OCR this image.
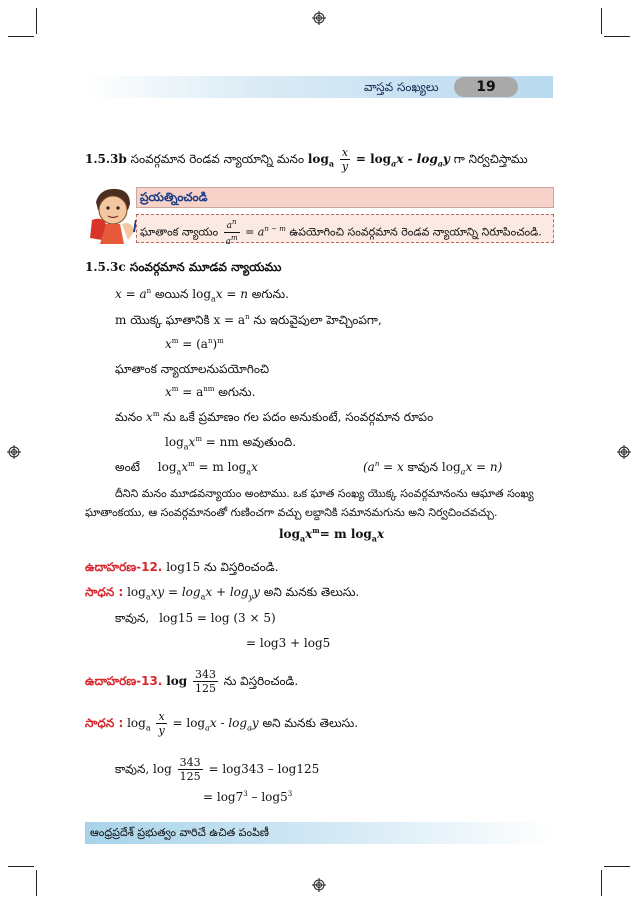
వాస్తవ సంఖ్యలు	19
1.5.3b సంవర్గమాన రెండవ న్యాయాన్ని మనం $\log_a \frac{x}{y} = \log_ax - \log_ay$ గా నిర్వచిస్తాము
ప్రయత్నించండి
ఘాతాంక న్యాయం $\frac{a^n}{a^m} = a^{n - m}$ ఉపయోగించి సంవర్గమాన రెండవ న్యాయాన్ని నిరూపించండి.
1.5.3c సంవర్గమాన మూడవ న్యాయము
$x = a^n$ అయిన $\log_ax = n$ అగును.
m యొక్క ఘాతానికి $x = a^n$ ను ఇరువైపులా హెచ్చింపగా,
$x^m = (a^n)^m$
ఘాతాంక న్యాయాలనుపయోగించి
$x^m = a^{nm}$ అగును.
మనం $x^m$ ను ఒకే ప్రమాణం గల పదం అనుకుంటే, సంవర్గమాన రూపం
$\log_ax^m$ = nm అవుతుంది.
అంటే $\log_ax^m = m$ $\log_ax$	($a^n = x$ కావున $\log_ax = n$)
దీనిని మనం మూడవన్యాయం అంటాము. ఒక ఘాత సంఖ్య యొక్క సంవర్గమానంను ఆఘాత సంఖ్య
ఘాతాంకయు, ఆ సంవర్గమానంతో గుణించగా వచ్చు లబ్దానికి సమానమగును అని నిర్వచించవచ్చు.
$\log_ax^m= m$ $\log_ax$
ఉదాహరణ-12. log15 ను విస్తరించండి.
సాధన : $\log_axy = \log_ax + \log_yy$ అని మనకు తెలుసు.
కావున, log15 = log (3 × 5)
= log3 + log5
ఉదాహరణ-13. $\log \frac{343}{125}$ ను విస్తరించండి.
సాధన : $\log_a \frac{x}{y} = \log_ax - \log_ay$ అని మనకు తెలుసు.
కావున, $\log \frac{343}{125} = \log 343 - \log 125$
= $\log 7^3 - \log 5^3$
ఆంధ్రప్రదేశ్ ప్రభుత్వం వారిచే ఉచిత పంపిణీ
